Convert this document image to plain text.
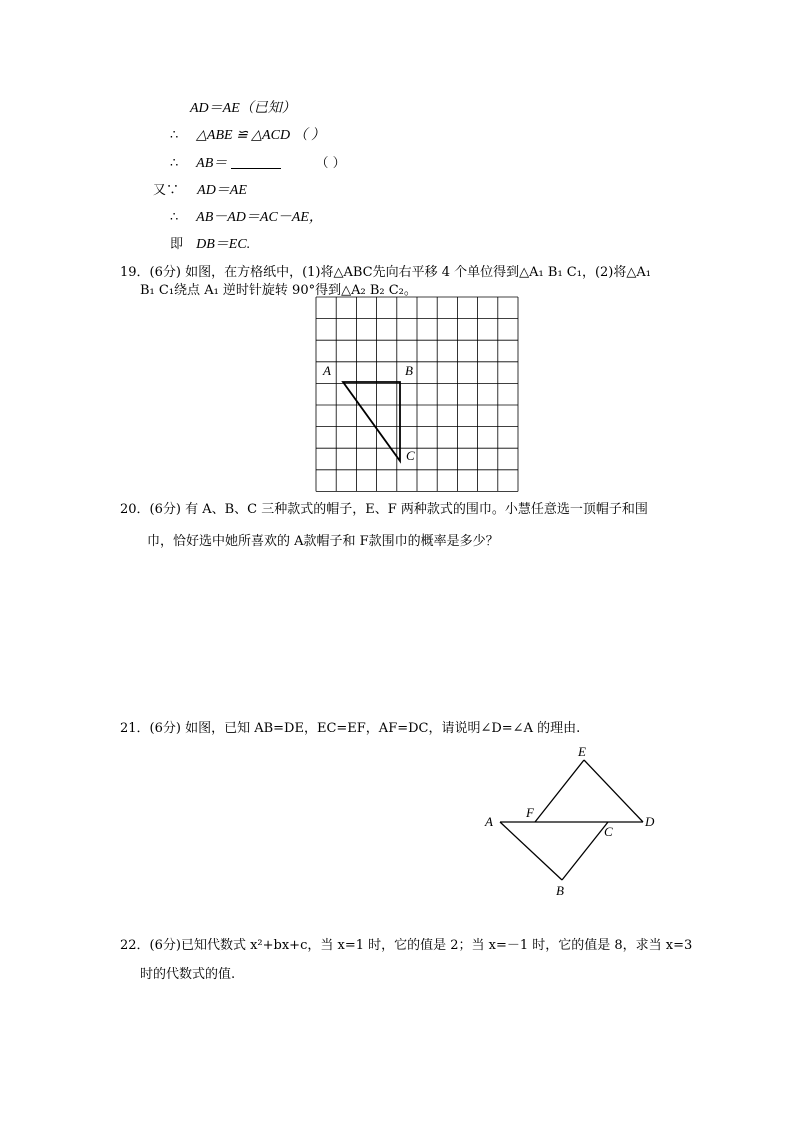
AD＝AE（已知）
∴ △ABE ≌ △ACD （ ）
∴ AB＝	（ ）
又∵ AD＝AE
∴ AB－AD＝AC－AE，
即 DB＝EC.
19．(6分) 如图，在方格纸中，(1)将△ABC先向右平移 4 个单位得到△A₁ B₁ C₁，(2)将△A₁
B₁ C₁绕点 A₁ 逆时针旋转 90°得到△A₂ B₂ C₂。
A	B
C
20．(6分) 有 A、B、C 三种款式的帽子，E、F 两种款式的围巾。小慧任意选一顶帽子和围
巾，恰好选中她所喜欢的 A款帽子和 F款围巾的概率是多少？
21．(6分) 如图，已知 AB=DE，EC=EF，AF=DC，请说明∠D=∠A 的理由.
E
F
A	D
C
B
22．(6分)已知代数式 x²+bx+c，当 x=1 时，它的值是 2；当 x=－1 时，它的值是 8，求当 x=3
时的代数式的值.
